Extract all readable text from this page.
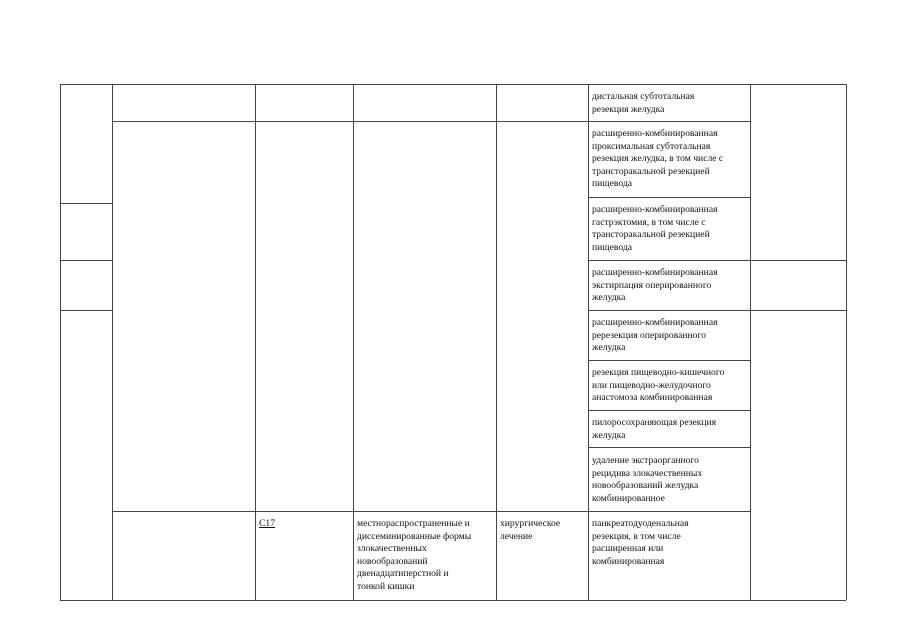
дистальная субтотальная
резекция желудка
расширенно-комбинированная
проксимальная субтотальная
резекция желудка, в том числе с
трансторакальной резекцией
пищевода
расширенно-комбинированная
гастрэктомия, в том числе с
трансторакальной резекцией
пищевода
расширенно-комбинированная
экстирпация оперированного
желудка
расширенно-комбинированная
ререзекция оперированного
желудка
резекция пищеводно-кишечного
или пищеводно-желудочного
анастомоза комбинированная
пилоросохраняющая резекция
желудка
удаление экстраорганного
рецидива злокачественных
новообразований желудка
комбинированное
C17	местнораспространенные и
диссеминированные формы
злокачественных
новообразований
двенадцатиперстной и
тонкой кишки
хирургическое
лечение
панкреатодуоденальная
резекция, в том числе
расширенная или
комбинированная
